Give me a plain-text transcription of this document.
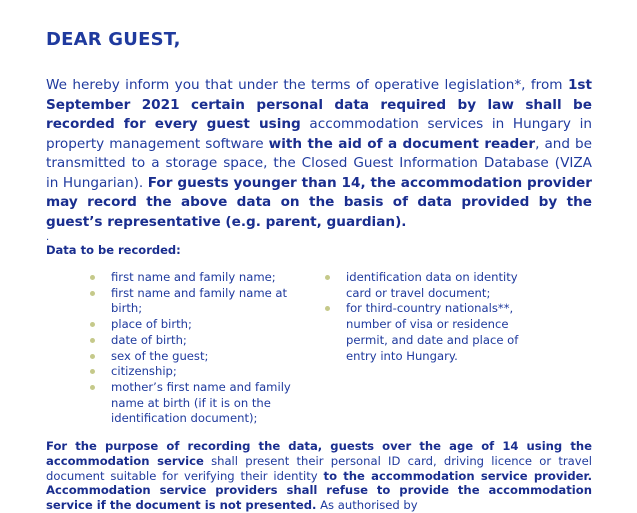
DEAR GUEST,

We hereby inform you that under the terms of operative legislation*, from 1st September 2021 certain personal data required by law shall be recorded for every guest using accommodation services in Hungary in property management software with the aid of a document reader, and be transmitted to a storage space, the Closed Guest Information Database (VIZA in Hungarian). For guests younger than 14, the accommodation provider may record the above data on the basis of data provided by the guest’s representative (e.g. parent, guardian).

.

Data to be recorded:

first name and family name;
first name and family name at birth;
place of birth;
date of birth;
sex of the guest;
citizenship;
mother’s first name and family name at birth (if it is on the identification document);
identification data on identity card or travel document;
for third-country nationals**, number of visa or residence permit, and date and place of entry into Hungary.

For the purpose of recording the data, guests over the age of 14 using the accommodation service shall present their personal ID card, driving licence or travel document suitable for verifying their identity to the accommodation service provider. Accommodation service providers shall refuse to provide the accommodation service if the document is not presented. As authorised by
